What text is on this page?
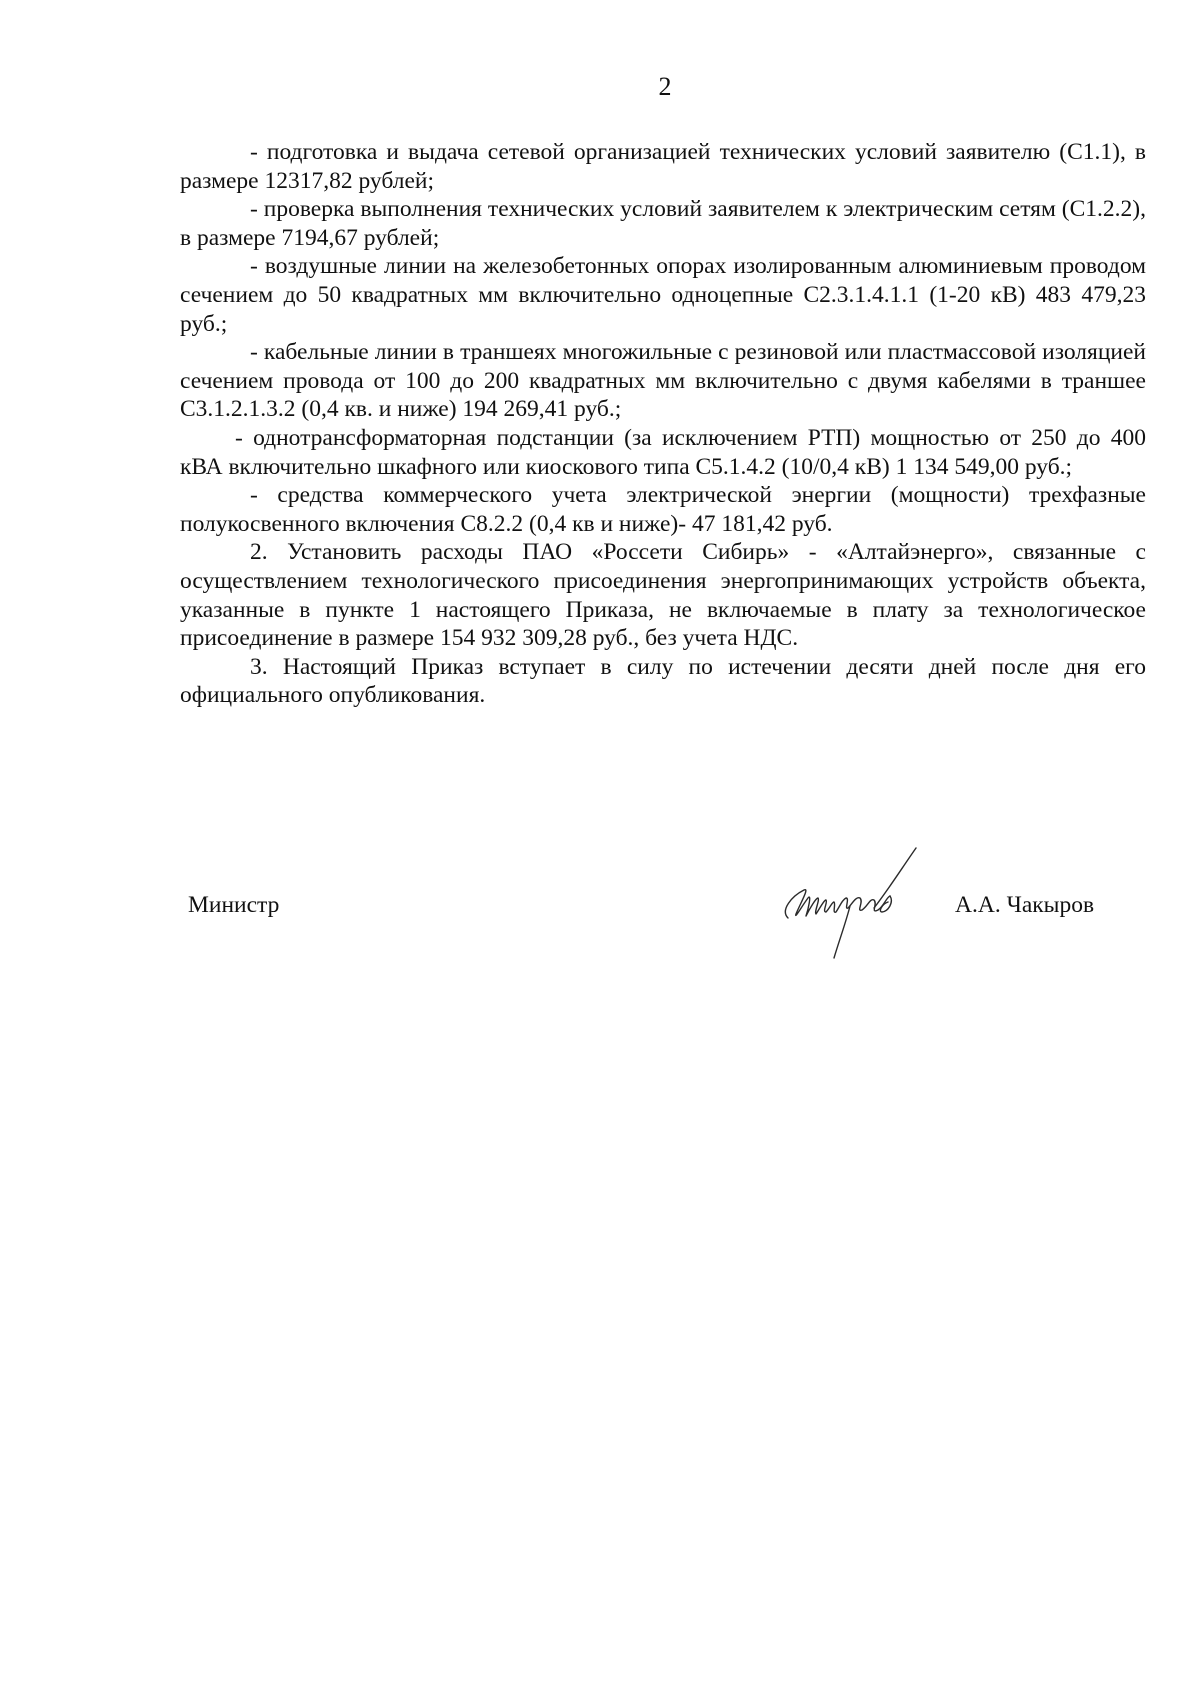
2

- подготовка и выдача сетевой организацией технических условий заявителю (С1.1), в размере 12317,82 рублей;

- проверка выполнения технических условий заявителем к электрическим сетям (С1.2.2), в размере 7194,67 рублей;

- воздушные линии на железобетонных опорах изолированным алюминиевым проводом сечением до 50 квадратных мм включительно одноцепные С2.3.1.4.1.1 (1-20 кВ) 483 479,23 руб.;

- кабельные линии в траншеях многожильные с резиновой или пластмассовой изоляцией сечением провода от 100 до 200 квадратных мм включительно с двумя кабелями в траншее С3.1.2.1.3.2 (0,4 кв. и ниже) 194 269,41 руб.;

- однотрансформаторная подстанции (за исключением РТП) мощностью от 250 до 400 кВА включительно шкафного или киоскового типа С5.1.4.2 (10/0,4 кВ) 1 134 549,00 руб.;

- средства коммерческого учета электрической энергии (мощности) трехфазные полукосвенного включения С8.2.2 (0,4 кв и ниже)- 47 181,42 руб.

2. Установить расходы ПАО «Россети Сибирь» - «Алтайэнерго», связанные с осуществлением технологического присоединения энергопринимающих устройств объекта, указанные в пункте 1 настоящего Приказа, не включаемые в плату за технологическое присоединение в размере 154 932 309,28 руб., без учета НДС.

3. Настоящий Приказ вступает в силу по истечении десяти дней после дня его официального опубликования.

Министр	А.А. Чакыров
